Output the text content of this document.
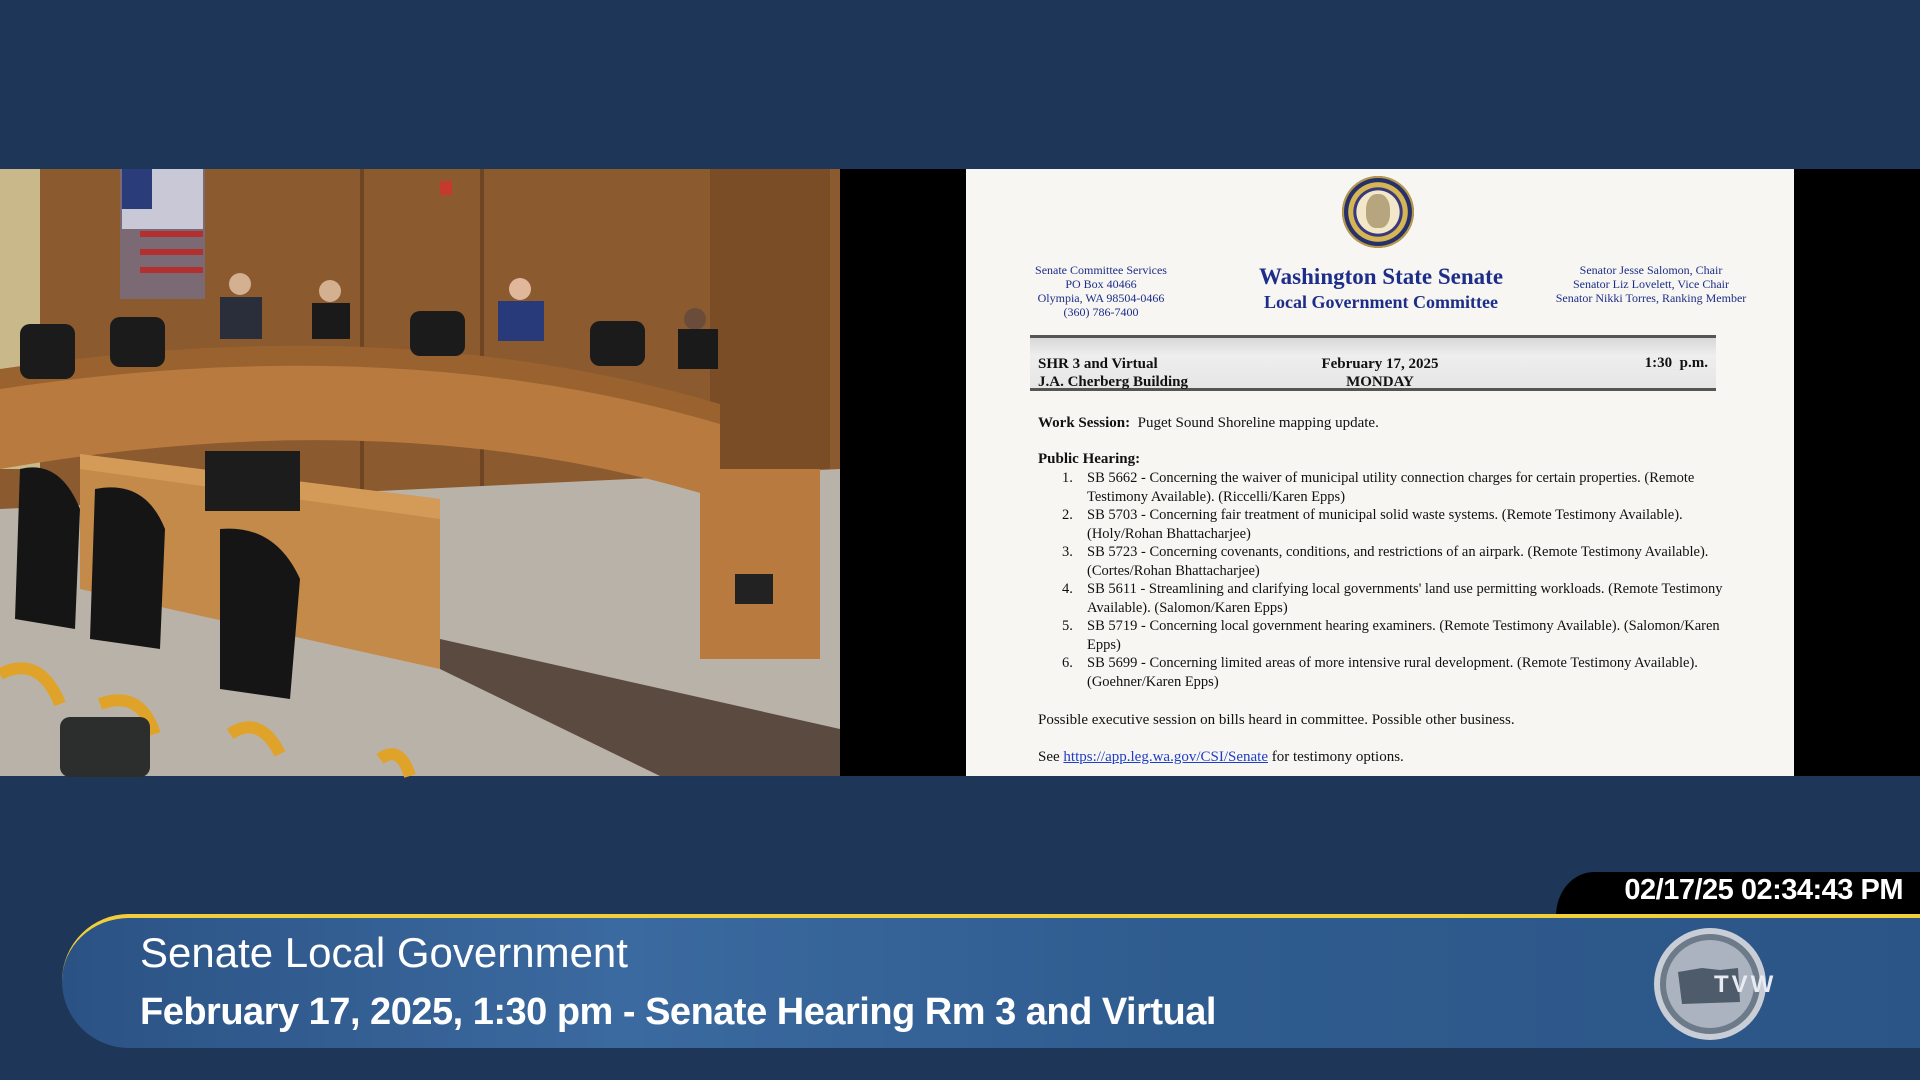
Senate Committee Services
PO Box 40466
Olympia, WA 98504-0466
(360) 786-7400
Washington State Senate
Local Government Committee
Senator Jesse Salomon, Chair
Senator Liz Lovelett, Vice Chair
Senator Nikki Torres, Ranking Member
SHR 3 and Virtual
J.A. Cherberg Building
February 17, 2025
MONDAY
1:30  p.m.
Work Session: Puget Sound Shoreline mapping update.
Public Hearing:
1. SB 5662 - Concerning the waiver of municipal utility connection charges for certain properties. (Remote Testimony Available). (Riccelli/Karen Epps)
2. SB 5703 - Concerning fair treatment of municipal solid waste systems. (Remote Testimony Available). (Holy/Rohan Bhattacharjee)
3. SB 5723 - Concerning covenants, conditions, and restrictions of an airpark. (Remote Testimony Available). (Cortes/Rohan Bhattacharjee)
4. SB 5611 - Streamlining and clarifying local governments' land use permitting workloads. (Remote Testimony Available). (Salomon/Karen Epps)
5. SB 5719 - Concerning local government hearing examiners. (Remote Testimony Available). (Salomon/Karen Epps)
6. SB 5699 - Concerning limited areas of more intensive rural development. (Remote Testimony Available). (Goehner/Karen Epps)
Possible executive session on bills heard in committee. Possible other business.
See https://app.leg.wa.gov/CSI/Senate for testimony options.
02/17/25 02:34:43 PM
Senate Local Government
February 17, 2025, 1:30 pm - Senate Hearing Rm 3 and Virtual
TVW
